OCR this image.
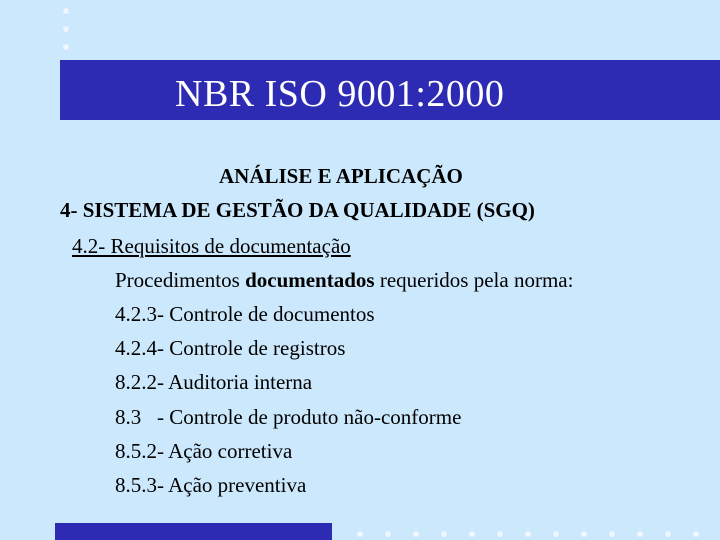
NBR ISO 9001:2000
ANÁLISE E APLICAÇÃO
4- SISTEMA DE GESTÃO DA QUALIDADE (SGQ)
4.2- Requisitos de documentação
Procedimentos documentados requeridos pela norma:
4.2.3- Controle de documentos
4.2.4- Controle de registros
8.2.2- Auditoria interna
8.3   - Controle de produto não-conforme
8.5.2- Ação corretiva
8.5.3- Ação preventiva
